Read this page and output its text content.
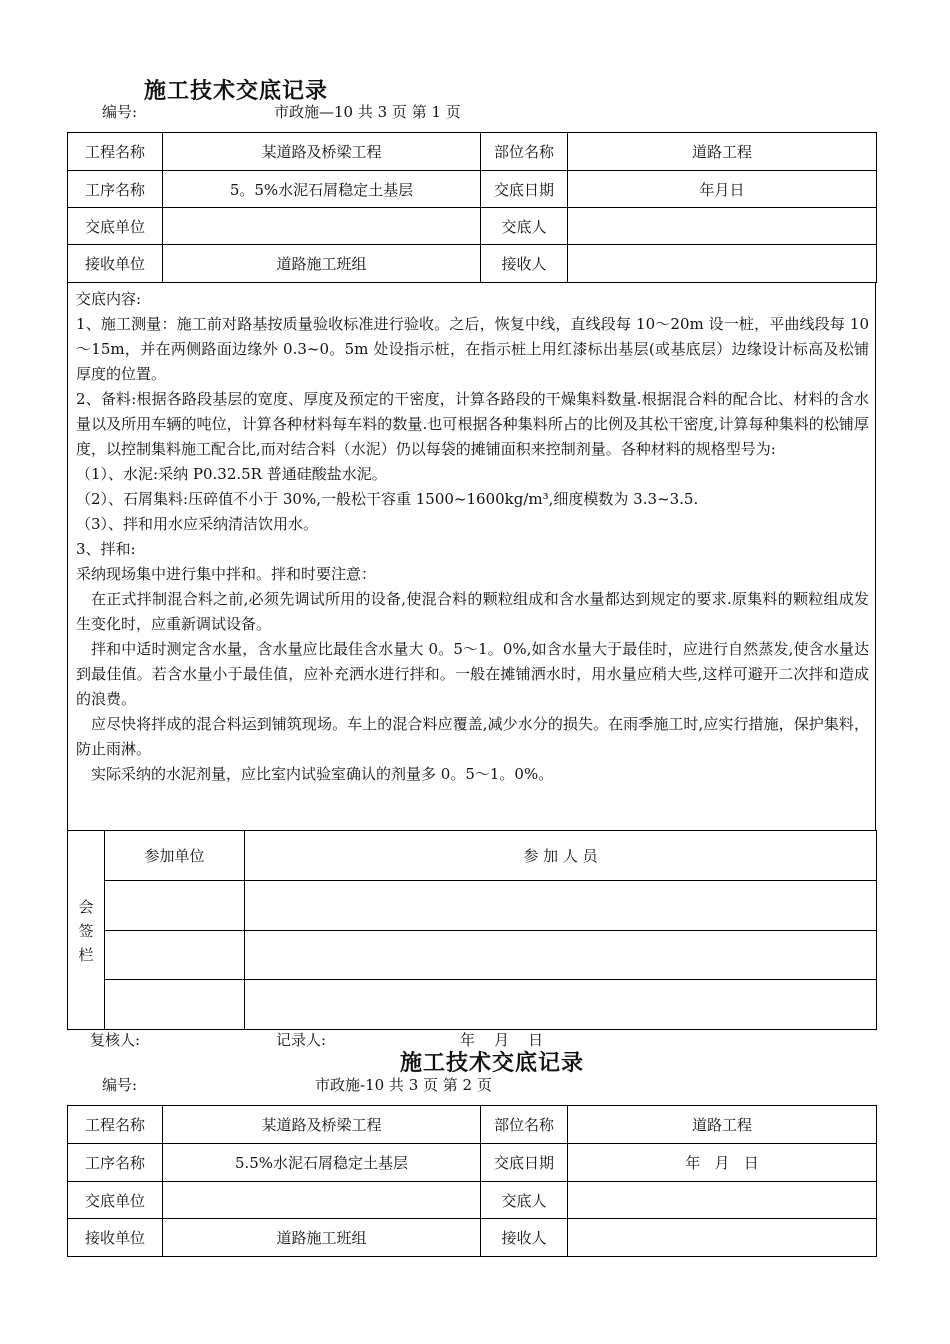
施工技术交底记录
编号:	市政施—10 共 3 页 第 1 页
工程名称	某道路及桥梁工程	部位名称	道路工程
工序名称	5。5%水泥石屑稳定土基层	交底日期	年月日
交底单位		交底人	
接收单位	道路施工班组	接收人	

交底内容:

1、施工测量：施工前对路基按质量验收标准进行验收。之后，恢复中线，直线段每 10～20m 设一桩，平曲线段每 10～15m，并在两侧路面边缘外 0.3~0。5m 处设指示桩，在指示桩上用红漆标出基层(或基底层）边缘设计标高及松铺厚度的位置。

2、备料:根据各路段基层的宽度、厚度及预定的干密度，计算各路段的干燥集料数量.根据混合料的配合比、材料的含水量以及所用车辆的吨位，计算各种材料每车料的数量.也可根据各种集料所占的比例及其松干密度,计算每种集料的松铺厚度，以控制集料施工配合比,而对结合料（水泥）仍以每袋的摊铺面积来控制剂量。各种材料的规格型号为:

（1）、水泥:采纳 P0.32.5R 普通硅酸盐水泥。

（2）、石屑集料:压碎值不小于 30%,一般松干容重 1500~1600kg/m³,细度模数为 3.3~3.5.

（3）、拌和用水应采纳清洁饮用水。

3、拌和:

采纳现场集中进行集中拌和。拌和时要注意：

在正式拌制混合料之前,必须先调试所用的设备,使混合料的颗粒组成和含水量都达到规定的要求.原集料的颗粒组成发生变化时，应重新调试设备。

拌和中适时测定含水量，含水量应比最佳含水量大 0。5～1。0%,如含水量大于最佳时，应进行自然蒸发,使含水量达到最佳值。若含水量小于最佳值，应补充洒水进行拌和。一般在摊铺洒水时，用水量应稍大些,这样可避开二次拌和造成的浪费。

应尽快将拌成的混合料运到铺筑现场。车上的混合料应覆盖,减少水分的损失。在雨季施工时,应实行措施，保护集料，防止雨淋。

实际采纳的水泥剂量，应比室内试验室确认的剂量多 0。5～1。0%。

会
签
栏
参加单位	参 加 人 员

复核人:	记录人:	年    月    日
施工技术交底记录
编号:	市政施-10 共 3 页 第 2 页
工程名称	某道路及桥梁工程	部位名称	道路工程
工序名称	5.5%水泥石屑稳定土基层	交底日期	年   月   日
交底单位		交底人	
接收单位	道路施工班组	接收人	
